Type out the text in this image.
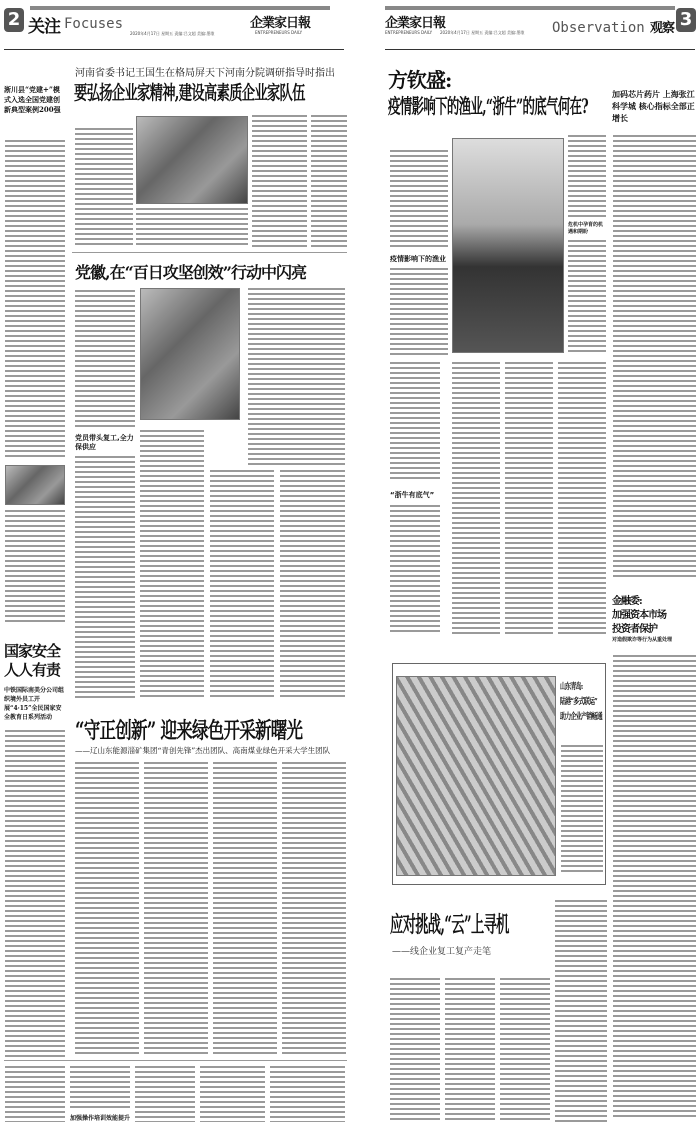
2 关注 Focuses	企業家日報
ENTREPRENEURS DAILY
2020年4月17日 星期五 责编:吕文超 美编:墨歌
河南省委书记王国生在格局屏天下河南分院调研指导时指出
要弘扬企业家精神,建设高素质企业家队伍
淅川县“党建+”模式入选全国党建创新典型案例200强
党徽,在“百日攻坚创效”行动中闪亮
党员带头复工,全力保供应
国家安全 人人有责
中铁国际南美分公司组织境外员工开展“4·15”全民国家安全教育日系列活动
“守正创新” 迎来绿色开采新曙光
——辽山东能源淄矿集团“青创先锋”杰出团队、高南煤业绿色开采大学生团队
加强操作培训效能提升
企業家日報
ENTREPRENEURS DAILY 2020年4月17日 星期五 责编:吕文超 美编:墨歌 Observation 观察 3
方钦盛:
疫情影响下的渔业,“浙牛”的底气何在?
疫情影响下的渔业
危机中孕育的机遇和期盼
“浙牛有底气”
加码芯片药片 上海张江科学城 核心指标全部正增长
金融委:
加强资本市场
投资者保护
对造假欺诈等行为从重处理
山东青岛:
陆港“多式联运”
助力企业产销畅通
应对挑战,“云”上寻机
——线企业复工复产走笔
